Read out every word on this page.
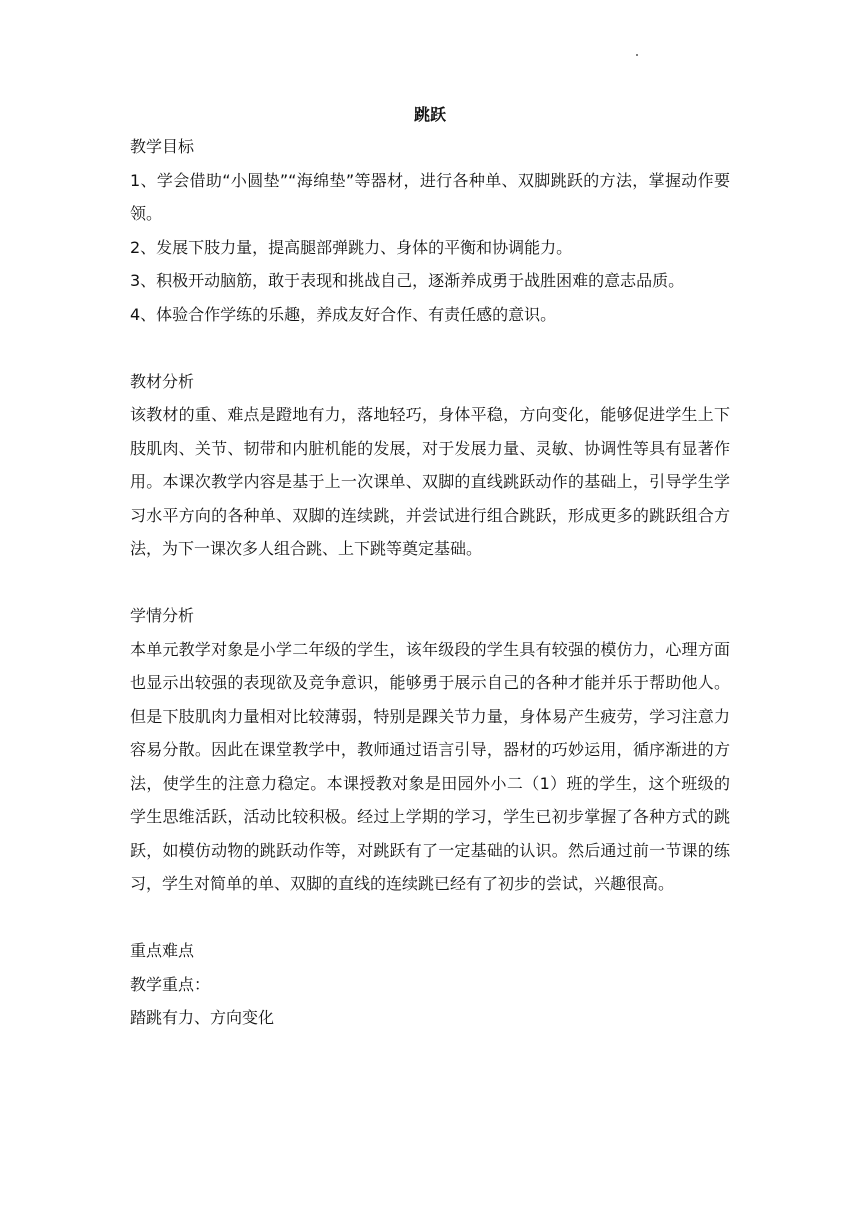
跳跃

教学目标

1、学会借助“小圆垫”“海绵垫”等器材，进行各种单、双脚跳跃的方法，掌握动作要领。

2、发展下肢力量，提高腿部弹跳力、身体的平衡和协调能力。

3、积极开动脑筋，敢于表现和挑战自己，逐渐养成勇于战胜困难的意志品质。

4、体验合作学练的乐趣，养成友好合作、有责任感的意识。

教材分析

该教材的重、难点是蹬地有力，落地轻巧，身体平稳，方向变化，能够促进学生上下肢肌肉、关节、韧带和内脏机能的发展，对于发展力量、灵敏、协调性等具有显著作用。本课次教学内容是基于上一次课单、双脚的直线跳跃动作的基础上，引导学生学习水平方向的各种单、双脚的连续跳，并尝试进行组合跳跃，形成更多的跳跃组合方法，为下一课次多人组合跳、上下跳等奠定基础。

学情分析

本单元教学对象是小学二年级的学生，该年级段的学生具有较强的模仿力，心理方面也显示出较强的表现欲及竞争意识，能够勇于展示自己的各种才能并乐于帮助他人。但是下肢肌肉力量相对比较薄弱，特别是踝关节力量，身体易产生疲劳，学习注意力容易分散。因此在课堂教学中，教师通过语言引导，器材的巧妙运用，循序渐进的方法，使学生的注意力稳定。本课授教对象是田园外小二（1）班的学生，这个班级的学生思维活跃，活动比较积极。经过上学期的学习，学生已初步掌握了各种方式的跳跃，如模仿动物的跳跃动作等，对跳跃有了一定基础的认识。然后通过前一节课的练习，学生对简单的单、双脚的直线的连续跳已经有了初步的尝试，兴趣很高。

重点难点

教学重点：

踏跳有力、方向变化
